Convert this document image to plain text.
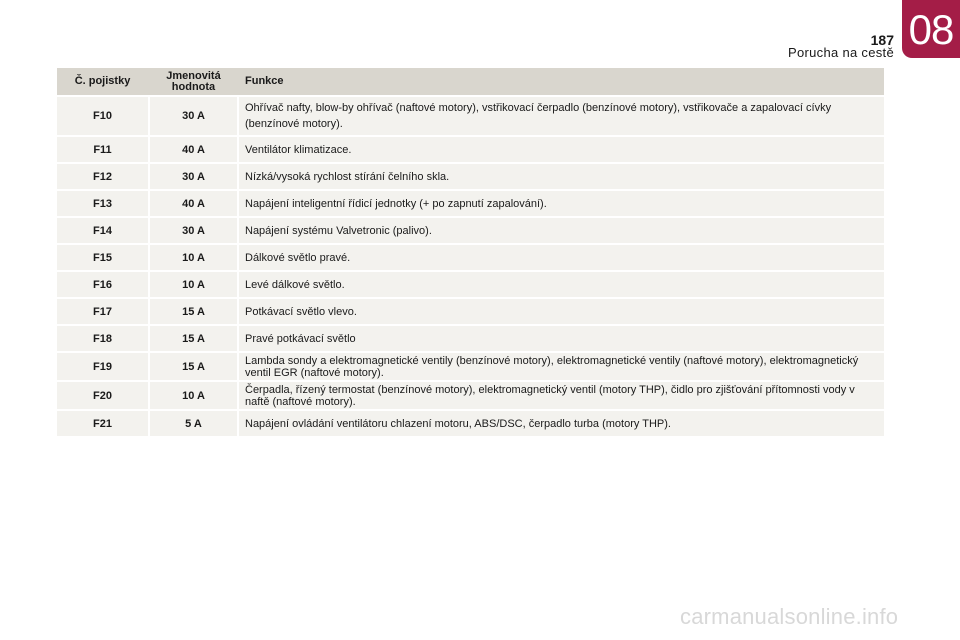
187
Porucha na cestě 08
Č. pojistky	Jmenovitá hodnota	Funkce
F10	30 A	Ohřívač nafty, blow-by ohřívač (naftové motory), vstřikovací čerpadlo (benzínové motory), vstřikovače a zapalovací cívky (benzínové motory).
F11	40 A	Ventilátor klimatizace.
F12	30 A	Nízká/vysoká rychlost stírání čelního skla.
F13	40 A	Napájení inteligentní řídicí jednotky (+ po zapnutí zapalování).
F14	30 A	Napájení systému Valvetronic (palivo).
F15	10 A	Dálkové světlo pravé.
F16	10 A	Levé dálkové světlo.
F17	15 A	Potkávací světlo vlevo.
F18	15 A	Pravé potkávací světlo
F19	15 A	Lambda sondy a elektromagnetické ventily (benzínové motory), elektromagnetické ventily (naftové motory), elektromagnetický ventil EGR (naftové motory).
F20	10 A	Čerpadla, řízený termostat (benzínové motory), elektromagnetický ventil (motory THP), čidlo pro zjišťování přítomnosti vody v naftě (naftové motory).
F21	5 A	Napájení ovládání ventilátoru chlazení motoru, ABS/DSC, čerpadlo turba (motory THP).
carmanualsonline.info
